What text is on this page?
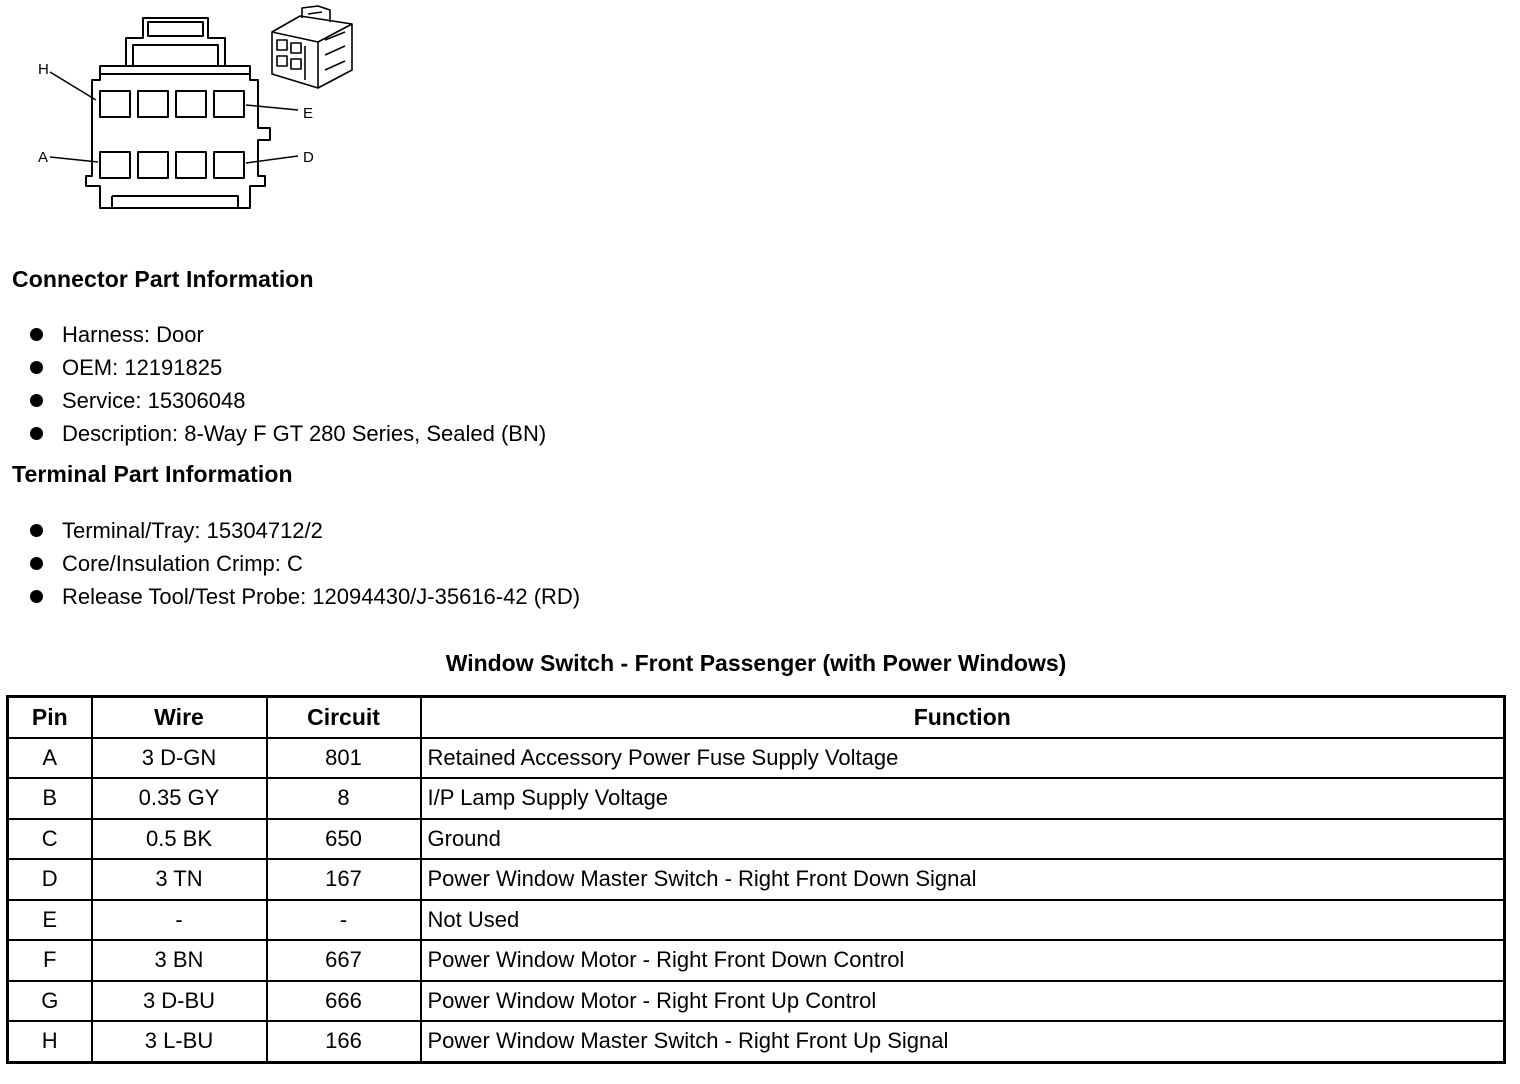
H
E
A	D
Connector Part Information
Harness: Door
OEM: 12191825
Service: 15306048
Description: 8-Way F GT 280 Series, Sealed (BN)
Terminal Part Information
Terminal/Tray: 15304712/2
Core/Insulation Crimp: C
Release Tool/Test Probe: 12094430/J-35616-42 (RD)
Window Switch - Front Passenger (with Power Windows)
Pin	Wire	Circuit	Function
A	3 D-GN	801	Retained Accessory Power Fuse Supply Voltage
B	0.35 GY	8	I/P Lamp Supply Voltage
C	0.5 BK	650	Ground
D	3 TN	167	Power Window Master Switch - Right Front Down Signal
E	-	-	Not Used
F	3 BN	667	Power Window Motor - Right Front Down Control
G	3 D-BU	666	Power Window Motor - Right Front Up Control
H	3 L-BU	166	Power Window Master Switch - Right Front Up Signal
